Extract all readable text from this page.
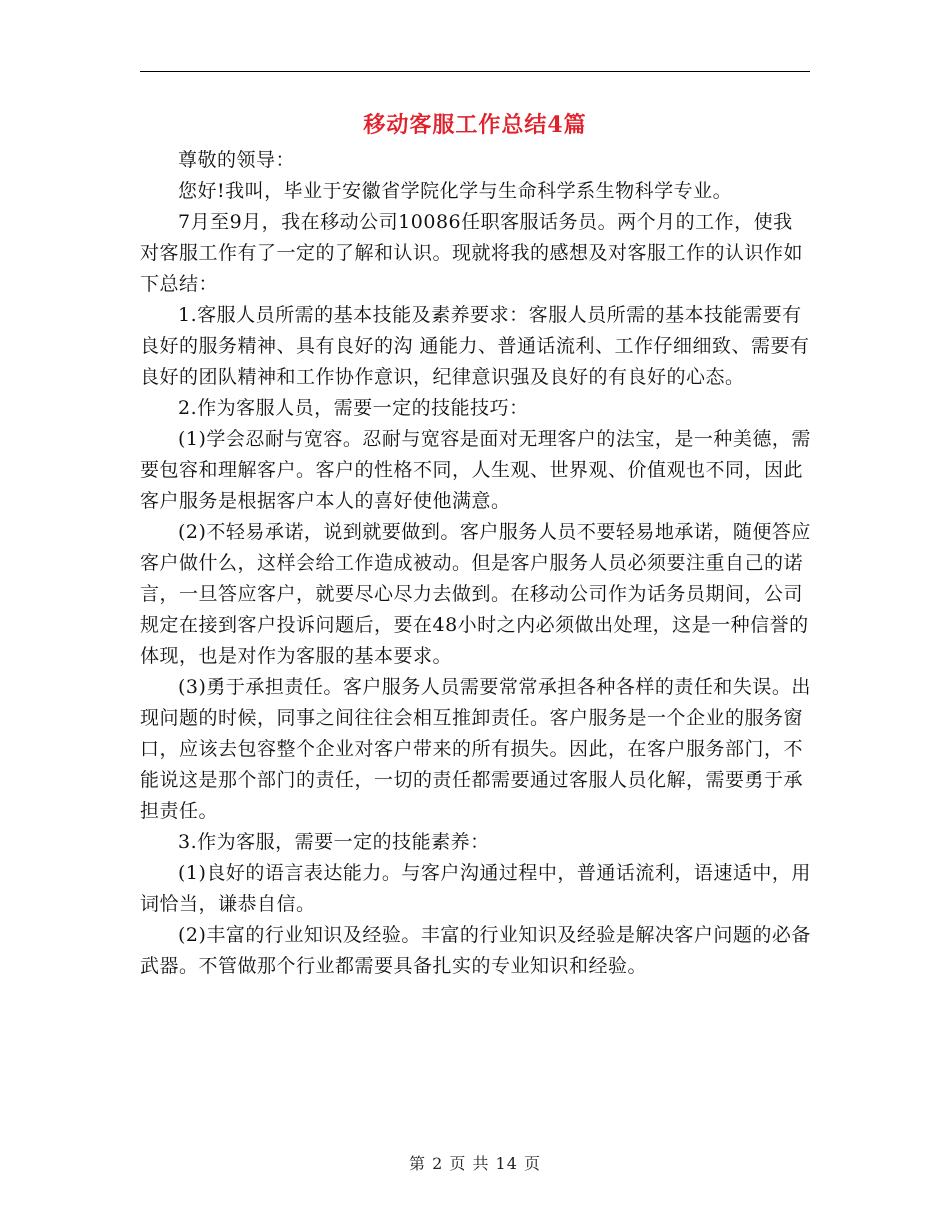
移动客服工作总结4篇

尊敬的领导：

您好!我叫，毕业于安徽省学院化学与生命科学系生物科学专业。

7月至9月，我在移动公司10086任职客服话务员。两个月的工作，使我对客服工作有了一定的了解和认识。现就将我的感想及对客服工作的认识作如下总结：

1.客服人员所需的基本技能及素养要求：客服人员所需的基本技能需要有良好的服务精神、具有良好的沟 通能力、普通话流利、工作仔细细致、需要有良好的团队精神和工作协作意识，纪律意识强及良好的有良好的心态。

2.作为客服人员，需要一定的技能技巧：

(1)学会忍耐与宽容。忍耐与宽容是面对无理客户的法宝，是一种美德，需要包容和理解客户。客户的性格不同，人生观、世界观、价值观也不同，因此客户服务是根据客户本人的喜好使他满意。

(2)不轻易承诺，说到就要做到。客户服务人员不要轻易地承诺，随便答应客户做什么，这样会给工作造成被动。但是客户服务人员必须要注重自己的诺言，一旦答应客户，就要尽心尽力去做到。在移动公司作为话务员期间，公司规定在接到客户投诉问题后，要在48小时之内必须做出处理，这是一种信誉的体现，也是对作为客服的基本要求。

(3)勇于承担责任。客户服务人员需要常常承担各种各样的责任和失误。出现问题的时候，同事之间往往会相互推卸责任。客户服务是一个企业的服务窗口，应该去包容整个企业对客户带来的所有损失。因此，在客户服务部门，不能说这是那个部门的责任，一切的责任都需要通过客服人员化解，需要勇于承担责任。

3.作为客服，需要一定的技能素养：

(1)良好的语言表达能力。与客户沟通过程中，普通话流利，语速适中，用词恰当，谦恭自信。

(2)丰富的行业知识及经验。丰富的行业知识及经验是解决客户问题的必备武器。不管做那个行业都需要具备扎实的专业知识和经验。

第 2 页 共 14 页
